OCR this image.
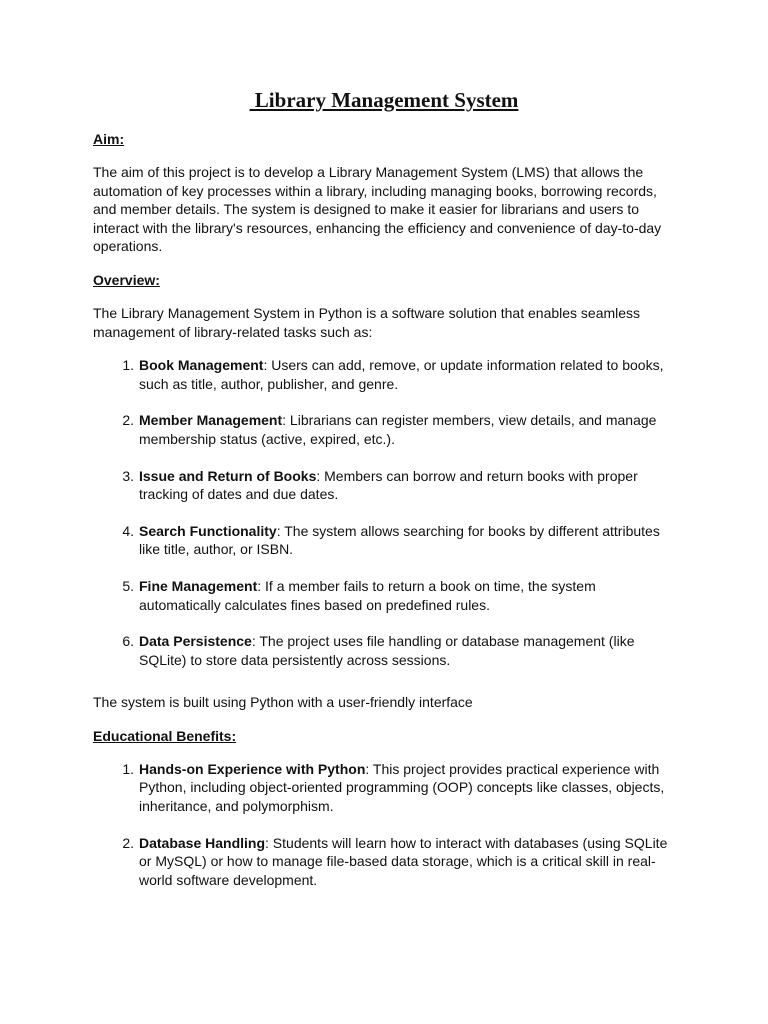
Library Management System
Aim:

The aim of this project is to develop a Library Management System (LMS) that allows the automation of key processes within a library, including managing books, borrowing records, and member details. The system is designed to make it easier for librarians and users to interact with the library's resources, enhancing the efficiency and convenience of day-to-day operations.

Overview:

The Library Management System in Python is a software solution that enables seamless management of library-related tasks such as:

1. Book Management: Users can add, remove, or update information related to books, such as title, author, publisher, and genre.
2. Member Management: Librarians can register members, view details, and manage membership status (active, expired, etc.).
3. Issue and Return of Books: Members can borrow and return books with proper tracking of dates and due dates.
4. Search Functionality: The system allows searching for books by different attributes like title, author, or ISBN.
5. Fine Management: If a member fails to return a book on time, the system automatically calculates fines based on predefined rules.
6. Data Persistence: The project uses file handling or database management (like SQLite) to store data persistently across sessions.

The system is built using Python with a user-friendly interface

Educational Benefits:
1. Hands-on Experience with Python: This project provides practical experience with Python, including object-oriented programming (OOP) concepts like classes, objects, inheritance, and polymorphism.
2. Database Handling: Students will learn how to interact with databases (using SQLite or MySQL) or how to manage file-based data storage, which is a critical skill in real-world software development.
